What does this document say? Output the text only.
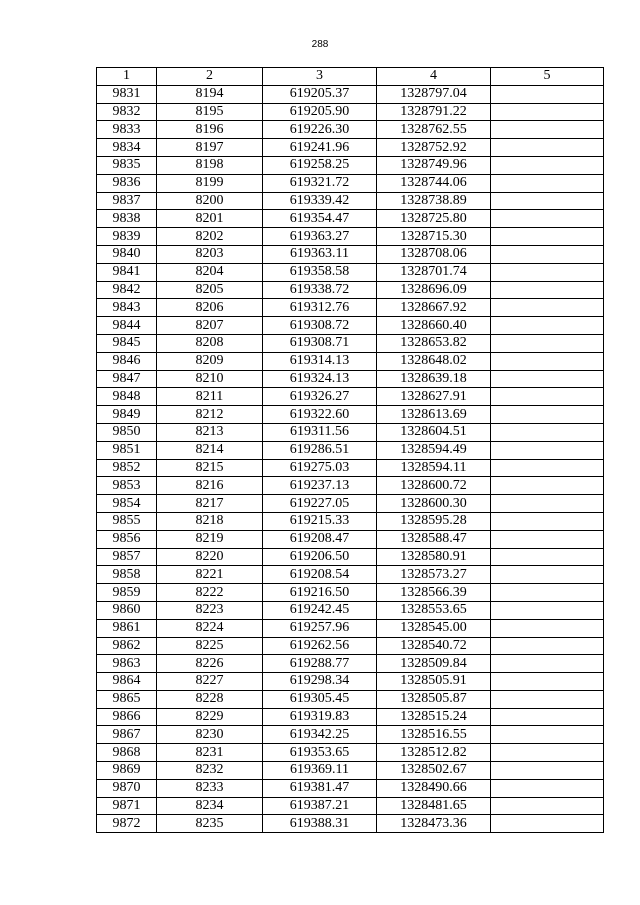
288
1	2	3	4	5
9831	8194	619205.37	1328797.04	
9832	8195	619205.90	1328791.22	
9833	8196	619226.30	1328762.55	
9834	8197	619241.96	1328752.92	
9835	8198	619258.25	1328749.96	
9836	8199	619321.72	1328744.06	
9837	8200	619339.42	1328738.89	
9838	8201	619354.47	1328725.80	
9839	8202	619363.27	1328715.30	
9840	8203	619363.11	1328708.06	
9841	8204	619358.58	1328701.74	
9842	8205	619338.72	1328696.09	
9843	8206	619312.76	1328667.92	
9844	8207	619308.72	1328660.40	
9845	8208	619308.71	1328653.82	
9846	8209	619314.13	1328648.02	
9847	8210	619324.13	1328639.18	
9848	8211	619326.27	1328627.91	
9849	8212	619322.60	1328613.69	
9850	8213	619311.56	1328604.51	
9851	8214	619286.51	1328594.49	
9852	8215	619275.03	1328594.11	
9853	8216	619237.13	1328600.72	
9854	8217	619227.05	1328600.30	
9855	8218	619215.33	1328595.28	
9856	8219	619208.47	1328588.47	
9857	8220	619206.50	1328580.91	
9858	8221	619208.54	1328573.27	
9859	8222	619216.50	1328566.39	
9860	8223	619242.45	1328553.65	
9861	8224	619257.96	1328545.00	
9862	8225	619262.56	1328540.72	
9863	8226	619288.77	1328509.84	
9864	8227	619298.34	1328505.91	
9865	8228	619305.45	1328505.87	
9866	8229	619319.83	1328515.24	
9867	8230	619342.25	1328516.55	
9868	8231	619353.65	1328512.82	
9869	8232	619369.11	1328502.67	
9870	8233	619381.47	1328490.66	
9871	8234	619387.21	1328481.65	
9872	8235	619388.31	1328473.36	
